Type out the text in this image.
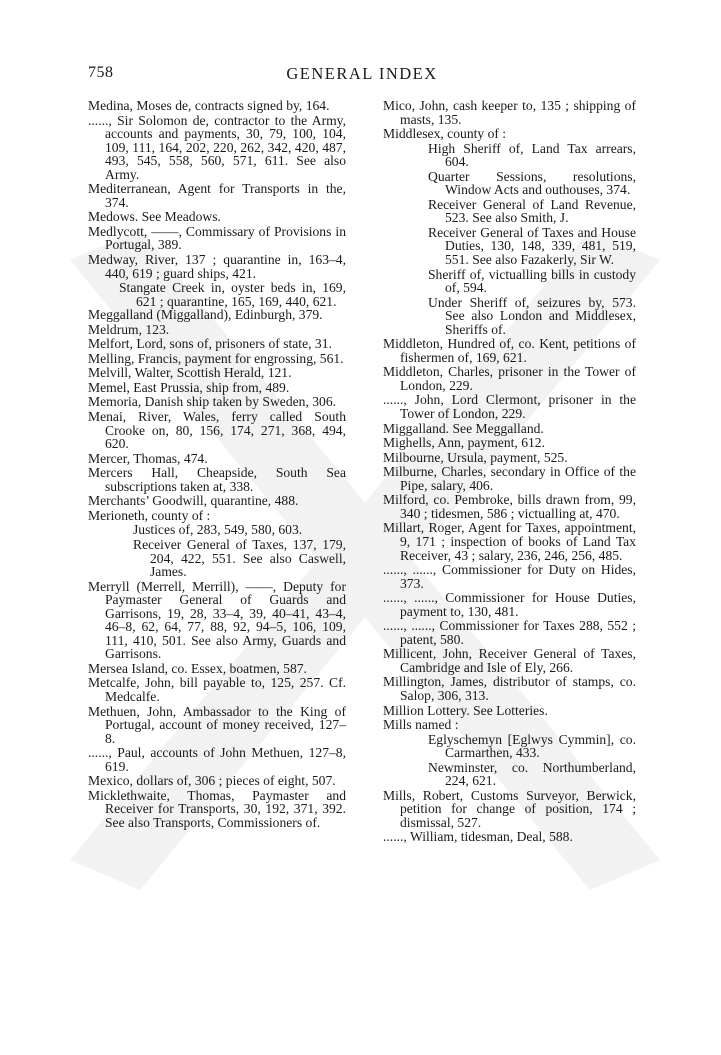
758	GENERAL INDEX

Medina, Moses de, contracts signed by, 164.

......, Sir Solomon de, contractor to the Army, accounts and payments, 30, 79, 100, 104, 109, 111, 164, 202, 220, 262, 342, 420, 487, 493, 545, 558, 560, 571, 611. See also Army.

Mediterranean, Agent for Transports in the, 374.

Medows. See Meadows.

Medlycott, ——, Commissary of Provisions in Portugal, 389.

Medway, River, 137 ; quarantine in, 163–4, 440, 619 ; guard ships, 421.

Stangate Creek in, oyster beds in, 169, 621 ; quarantine, 165, 169, 440, 621.

Meggalland (Miggalland), Edinburgh, 379.

Meldrum, 123.

Melfort, Lord, sons of, prisoners of state, 31.

Melling, Francis, payment for engrossing, 561.

Melvill, Walter, Scottish Herald, 121.

Memel, East Prussia, ship from, 489.

Memoria, Danish ship taken by Sweden, 306.

Menai, River, Wales, ferry called South Crooke on, 80, 156, 174, 271, 368, 494, 620.

Mercer, Thomas, 474.

Mercers Hall, Cheapside, South Sea subscriptions taken at, 338.

Merchants’ Goodwill, quarantine, 488.

Merioneth, county of :

Justices of, 283, 549, 580, 603.

Receiver General of Taxes, 137, 179, 204, 422, 551. See also Caswell, James.

Merryll (Merrell, Merrill), ——, Deputy for Paymaster General of Guards and Garrisons, 19, 28, 33–4, 39, 40–41, 43–4, 46–8, 62, 64, 77, 88, 92, 94–5, 106, 109, 111, 410, 501. See also Army, Guards and Garrisons.

Mersea Island, co. Essex, boatmen, 587.

Metcalfe, John, bill payable to, 125, 257. Cf. Medcalfe.

Methuen, John, Ambassador to the King of Portugal, account of money received, 127–8.

......, Paul, accounts of John Methuen, 127–8, 619.

Mexico, dollars of, 306 ; pieces of eight, 507.

Micklethwaite, Thomas, Paymaster and Receiver for Transports, 30, 192, 371, 392. See also Transports, Commissioners of.

Mico, John, cash keeper to, 135 ; shipping of masts, 135.

Middlesex, county of :

High Sheriff of, Land Tax arrears, 604.

Quarter Sessions, resolutions, Window Acts and outhouses, 374.

Receiver General of Land Revenue, 523. See also Smith, J.

Receiver General of Taxes and House Duties, 130, 148, 339, 481, 519, 551. See also Fazakerly, Sir W.

Sheriff of, victualling bills in custody of, 594.

Under Sheriff of, seizures by, 573. See also London and Middlesex, Sheriffs of.

Middleton, Hundred of, co. Kent, petitions of fishermen of, 169, 621.

Middleton, Charles, prisoner in the Tower of London, 229.

......, John, Lord Clermont, prisoner in the Tower of London, 229.

Miggalland. See Meggalland.

Mighells, Ann, payment, 612.

Milbourne, Ursula, payment, 525.

Milburne, Charles, secondary in Office of the Pipe, salary, 406.

Milford, co. Pembroke, bills drawn from, 99, 340 ; tidesmen, 586 ; victualling at, 470.

Millart, Roger, Agent for Taxes, appointment, 9, 171 ; inspection of books of Land Tax Receiver, 43 ; salary, 236, 246, 256, 485.

......, ......, Commissioner for Duty on Hides, 373.

......, ......, Commissioner for House Duties, payment to, 130, 481.

......, ......, Commissioner for Taxes 288, 552 ; patent, 580.

Millicent, John, Receiver General of Taxes, Cambridge and Isle of Ely, 266.

Millington, James, distributor of stamps, co. Salop, 306, 313.

Million Lottery. See Lotteries.

Mills named :

Eglyschemyn [Eglwys Cymmin], co. Carmarthen, 433.

Newminster, co. Northumberland, 224, 621.

Mills, Robert, Customs Surveyor, Berwick, petition for change of position, 174 ; dismissal, 527.

......, William, tidesman, Deal, 588.
